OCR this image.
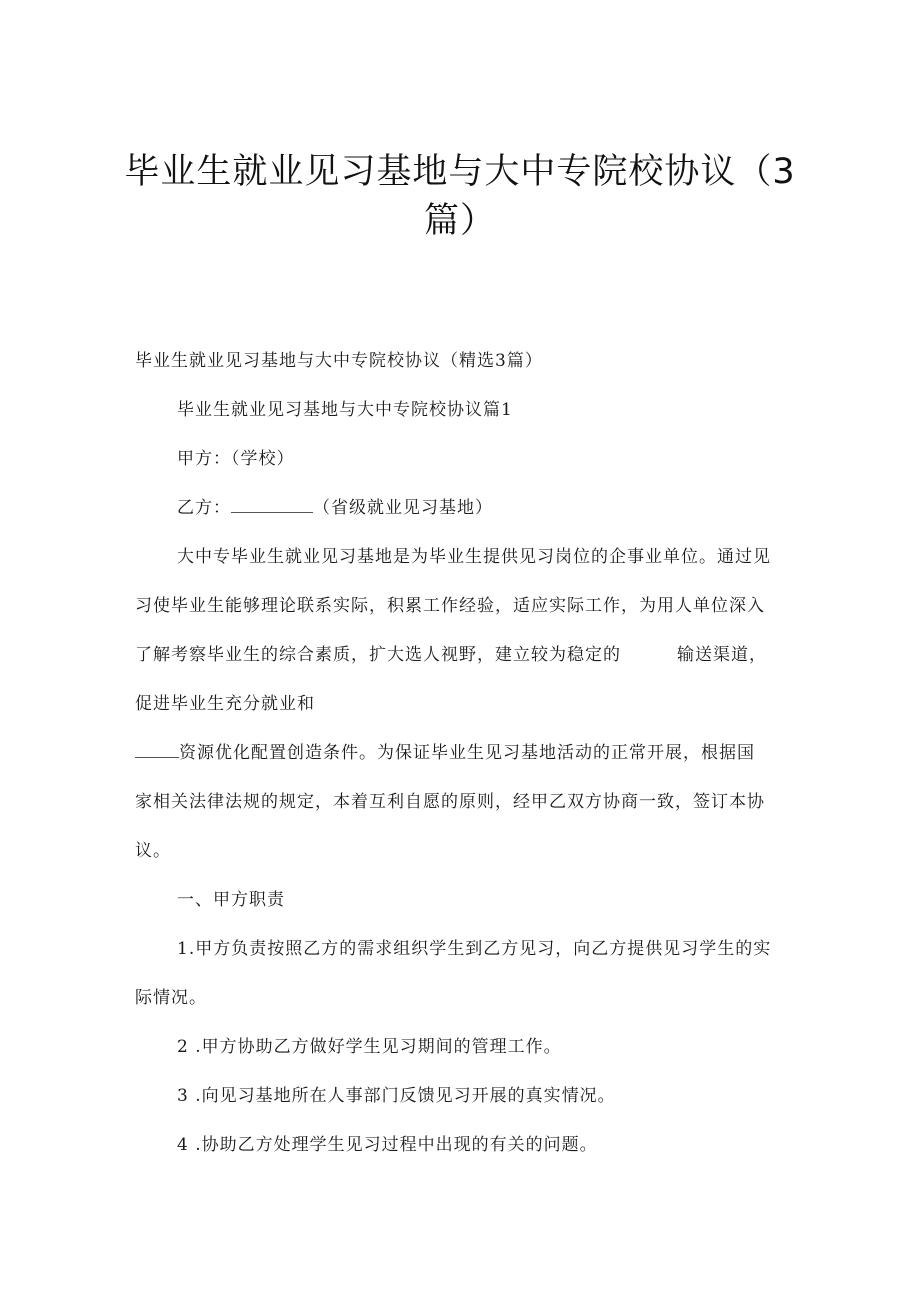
毕业生就业见习基地与大中专院校协议（3
篇）
毕业生就业见习基地与大中专院校协议（精选3篇）
毕业生就业见习基地与大中专院校协议篇1
甲方：（学校）
乙方：	（省级就业见习基地）
大中专毕业生就业见习基地是为毕业生提供见习岗位的企事业单位。通过见
习使毕业生能够理论联系实际，积累工作经验，适应实际工作，为用人单位深入
了解考察毕业生的综合素质，扩大选人视野，建立较为稳定的	输送渠道，
促进毕业生充分就业和
资源优化配置创造条件。为保证毕业生见习基地活动的正常开展，根据国
家相关法律法规的规定，本着互利自愿的原则，经甲乙双方协商一致，签订本协
议。
一、甲方职责
1.甲方负责按照乙方的需求组织学生到乙方见习，向乙方提供见习学生的实
际情况。
2 .甲方协助乙方做好学生见习期间的管理工作。
3 .向见习基地所在人事部门反馈见习开展的真实情况。
4 .协助乙方处理学生见习过程中出现的有关的问题。
